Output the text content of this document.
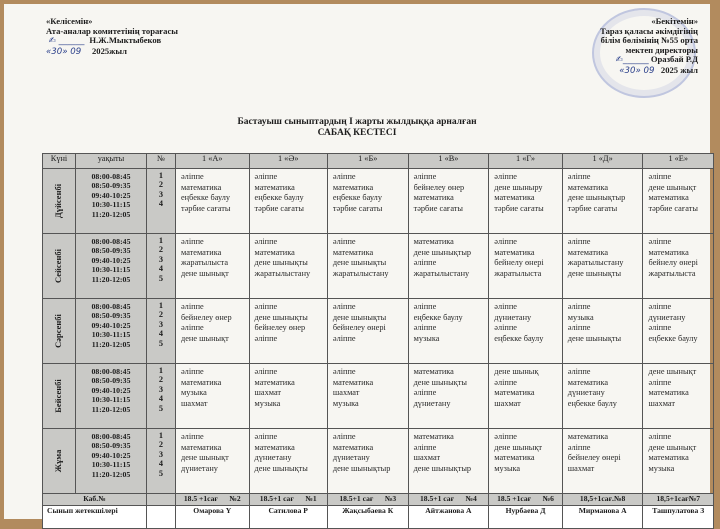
«Келісемін»
Ата-аналар комитетінің торағасы
✍︎ ______  Н.Ж.Мыктыбеков
«30» 09 2025жыл
«Бекітемін»
Тараз қаласы әкімдігінің
білім бөлімінің №55 орта
мектеп директоры
✍︎______ Оразбай Р.Д
«30» 09 2025 жыл
Бастауыш сыныптардың I жарты жылдыққа арналған
САБАҚ КЕСТЕСІ
Күні	уақыты	№	1 «А»	1 «Ә»	1 «Б»	1 «В»	1 «Г»	1 «Д»	1 «Е»

Дүйсенбі	08:00-08:45
08:50-09:35
09:40-10:25
10:30-11:15
11:20-12:05	1
2
3
4	әліппе
математика
еңбекке баулу
тәрбие сағаты	әліппе
математика
еңбекке баулу
тәрбие сағаты	әліппе
математика
еңбекке баулу
тәрбие сағаты	әліппе
бейнелеу өнер
математика
тәрбие сағаты	әліппе
дене шыныру
математика
тәрбие сағаты	әліппе
математика
дене шынықтыр
тәрбие сағаты	әліппе
дене шынықт
математика
тәрбие сағаты

Сейсенбі	08:00-08:45
08:50-09:35
09:40-10:25
10:30-11:15
11:20-12:05	1
2
3
4
5	әліппе
математика
жаратылыста
дене шынықт	әліппе
математика
дене шынықты
жаратылыстану	әліппе
математика
дене шынықты
жаратылыстану	математика
дене шынықтыр
әліппе
жаратылыстану	әліппе
математика
бейнелу өнері
жаратылыста	әліппе
математика
жаратылыстану
дене шынықты	әліппе
математика
бейнелу өнері
жаратылыста

Сәрсенбі	08:00-08:45
08:50-09:35
09:40-10:25
10:30-11:15
11:20-12:05	1
2
3
4
5	әліппе
бейнелеу өнер
әліппе
дене шынықт	әліппе
дене шынықты
бейнелеу өнер
әліппе	әліппе
дене шынықты
бейнелеу өнері
әліппе	әліппе
еңбекке баулу
әліппе
музыка	әліппе
дүниетану
әліппе
еңбекке баулу	әліппе
музыка
әліппе
дене шынықты	әліппе
дүниетану
әліппе
еңбекке баулу

Бейсенбі	08:00-08:45
08:50-09:35
09:40-10:25
10:30-11:15
11:20-12:05	1
2
3
4
5	әліппе
математика
музыка
шахмат	әліппе
математика
шахмат
музыка	әліппе
математика
шахмат
музыка	математика
дене шынықты
әліппе
дүниетану	дене шынық
әліппе
математика
шахмат	әліппе
математика
дүниетану
еңбекке баулу	дене шынықт
әліппе
математика
шахмат

Жұма	08:00-08:45
08:50-09:35
09:40-10:25
10:30-11:15
11:20-12:05	1
2
3
4
5	әліппе
математика
дене шынықт
дүниетану	әліппе
математика
дүниетану
дене шынықты	әліппе
математика
дүниетану
дене шынықтыр	математика
әліппе
шахмат
дене шынықтыр	әліппе
дене шынықт
математика
музыка	математика
әліппе
бейнелеу өнері
шахмат	әліппе
дене шынықт
математика
музыка

Каб.№			18.5 +1сағ      №2	18.5+1 сағ      №1	18.5+1 сағ      №3	18.5+1 сағ      №4	18.5 +1сағ      №6	18,5+1сағ.№8	18,5+1сағ№7
Сынып жетекшілері			Омарова Ү	Сатилова Р	Жақсыбаева К	Айтжанова А	Нурбаева Д	Мирманова А	Ташпулатова З
